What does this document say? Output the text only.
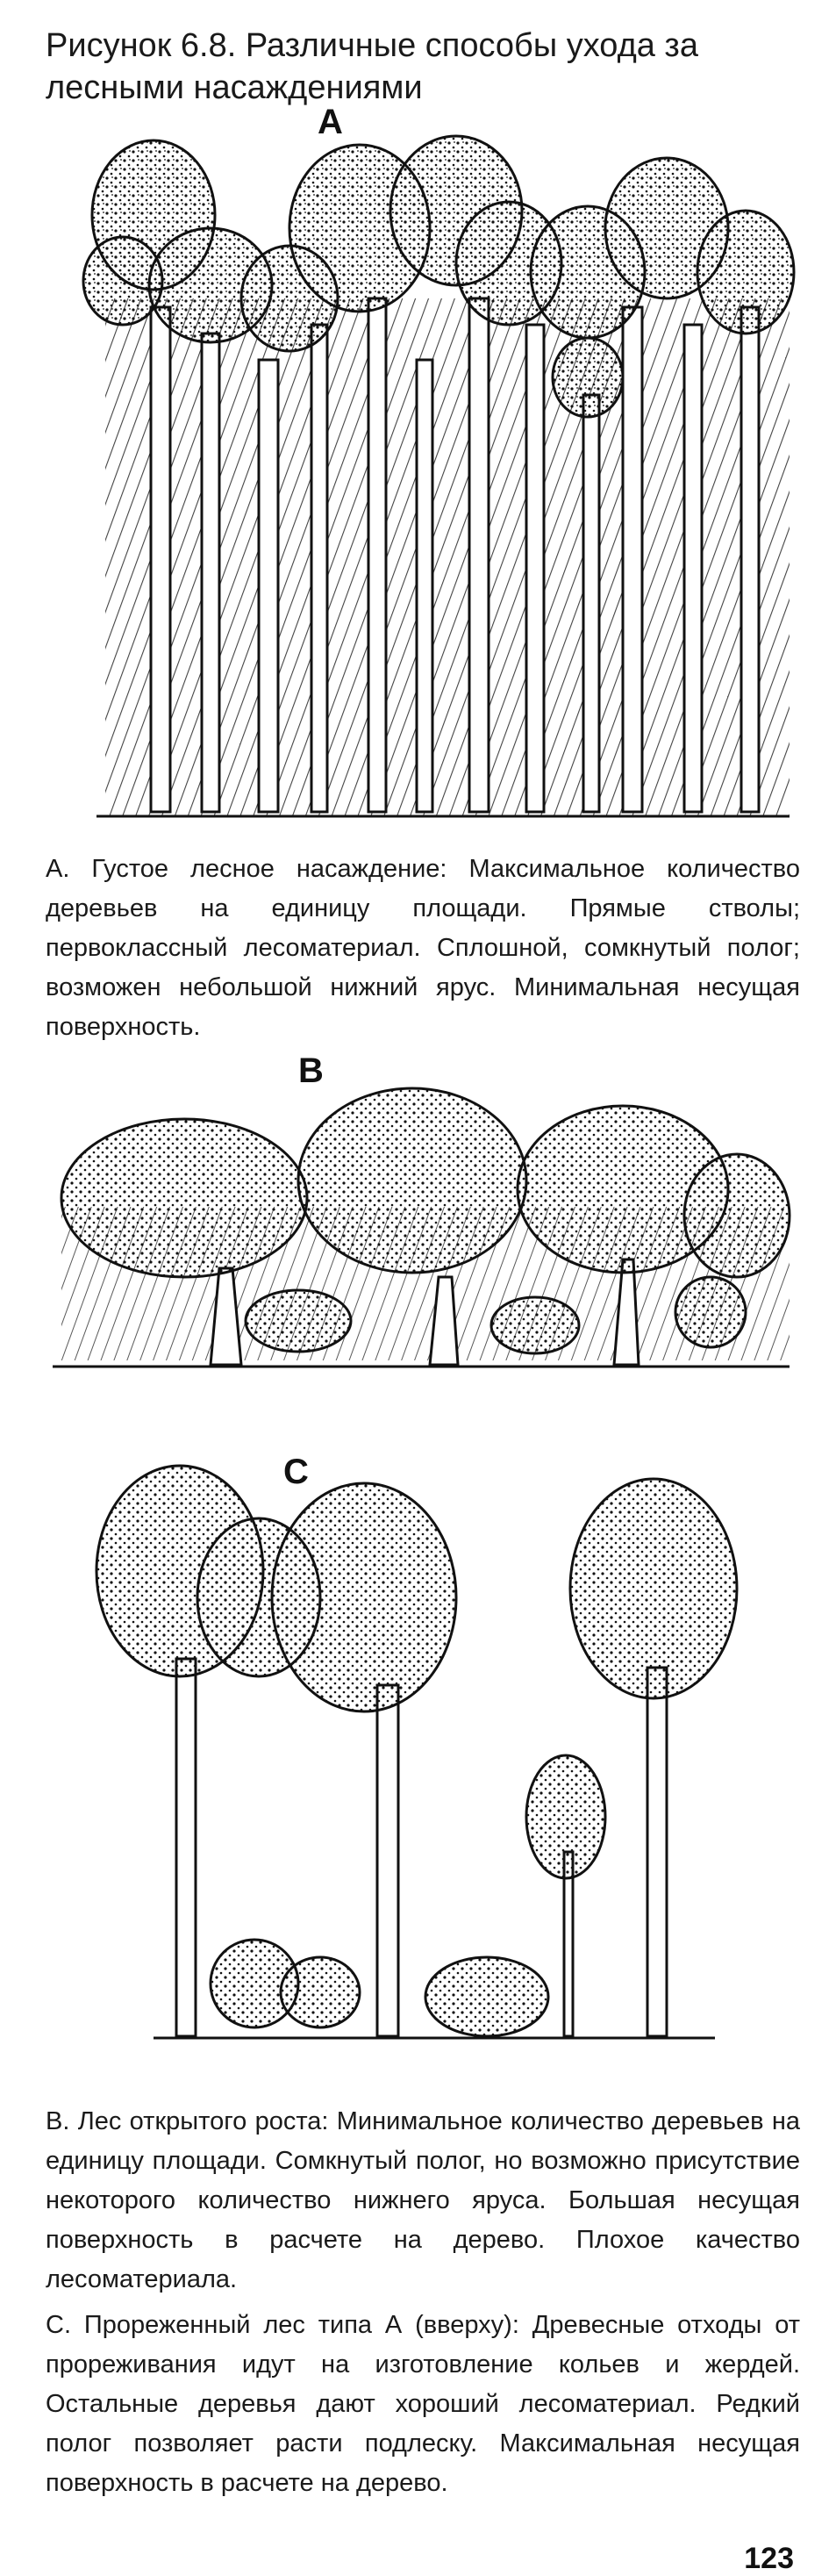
Рисунок 6.8. Различные способы ухода за лесными насаждениями
A
А. Густое лесное насаждение: Максимальное количество деревьев на единицу площади. Прямые стволы; первоклассный лесоматериал. Сплошной, сомкнутый полог; возможен небольшой нижний ярус. Минимальная несущая поверхность.
B
C
В. Лес открытого роста: Минимальное количество деревьев на единицу площади. Сомкнутый полог, но возможно присутствие некоторого количество нижнего яруса. Большая несущая поверхность в расчете на дерево. Плохое качество лесоматериала.
С. Прореженный лес типа А (вверху): Древесные отходы от прореживания идут на изготовление кольев и жердей. Остальные деревья дают хороший лесоматериал. Редкий полог позволяет расти подлеску. Максимальная несущая поверхность в расчете на дерево.
123
